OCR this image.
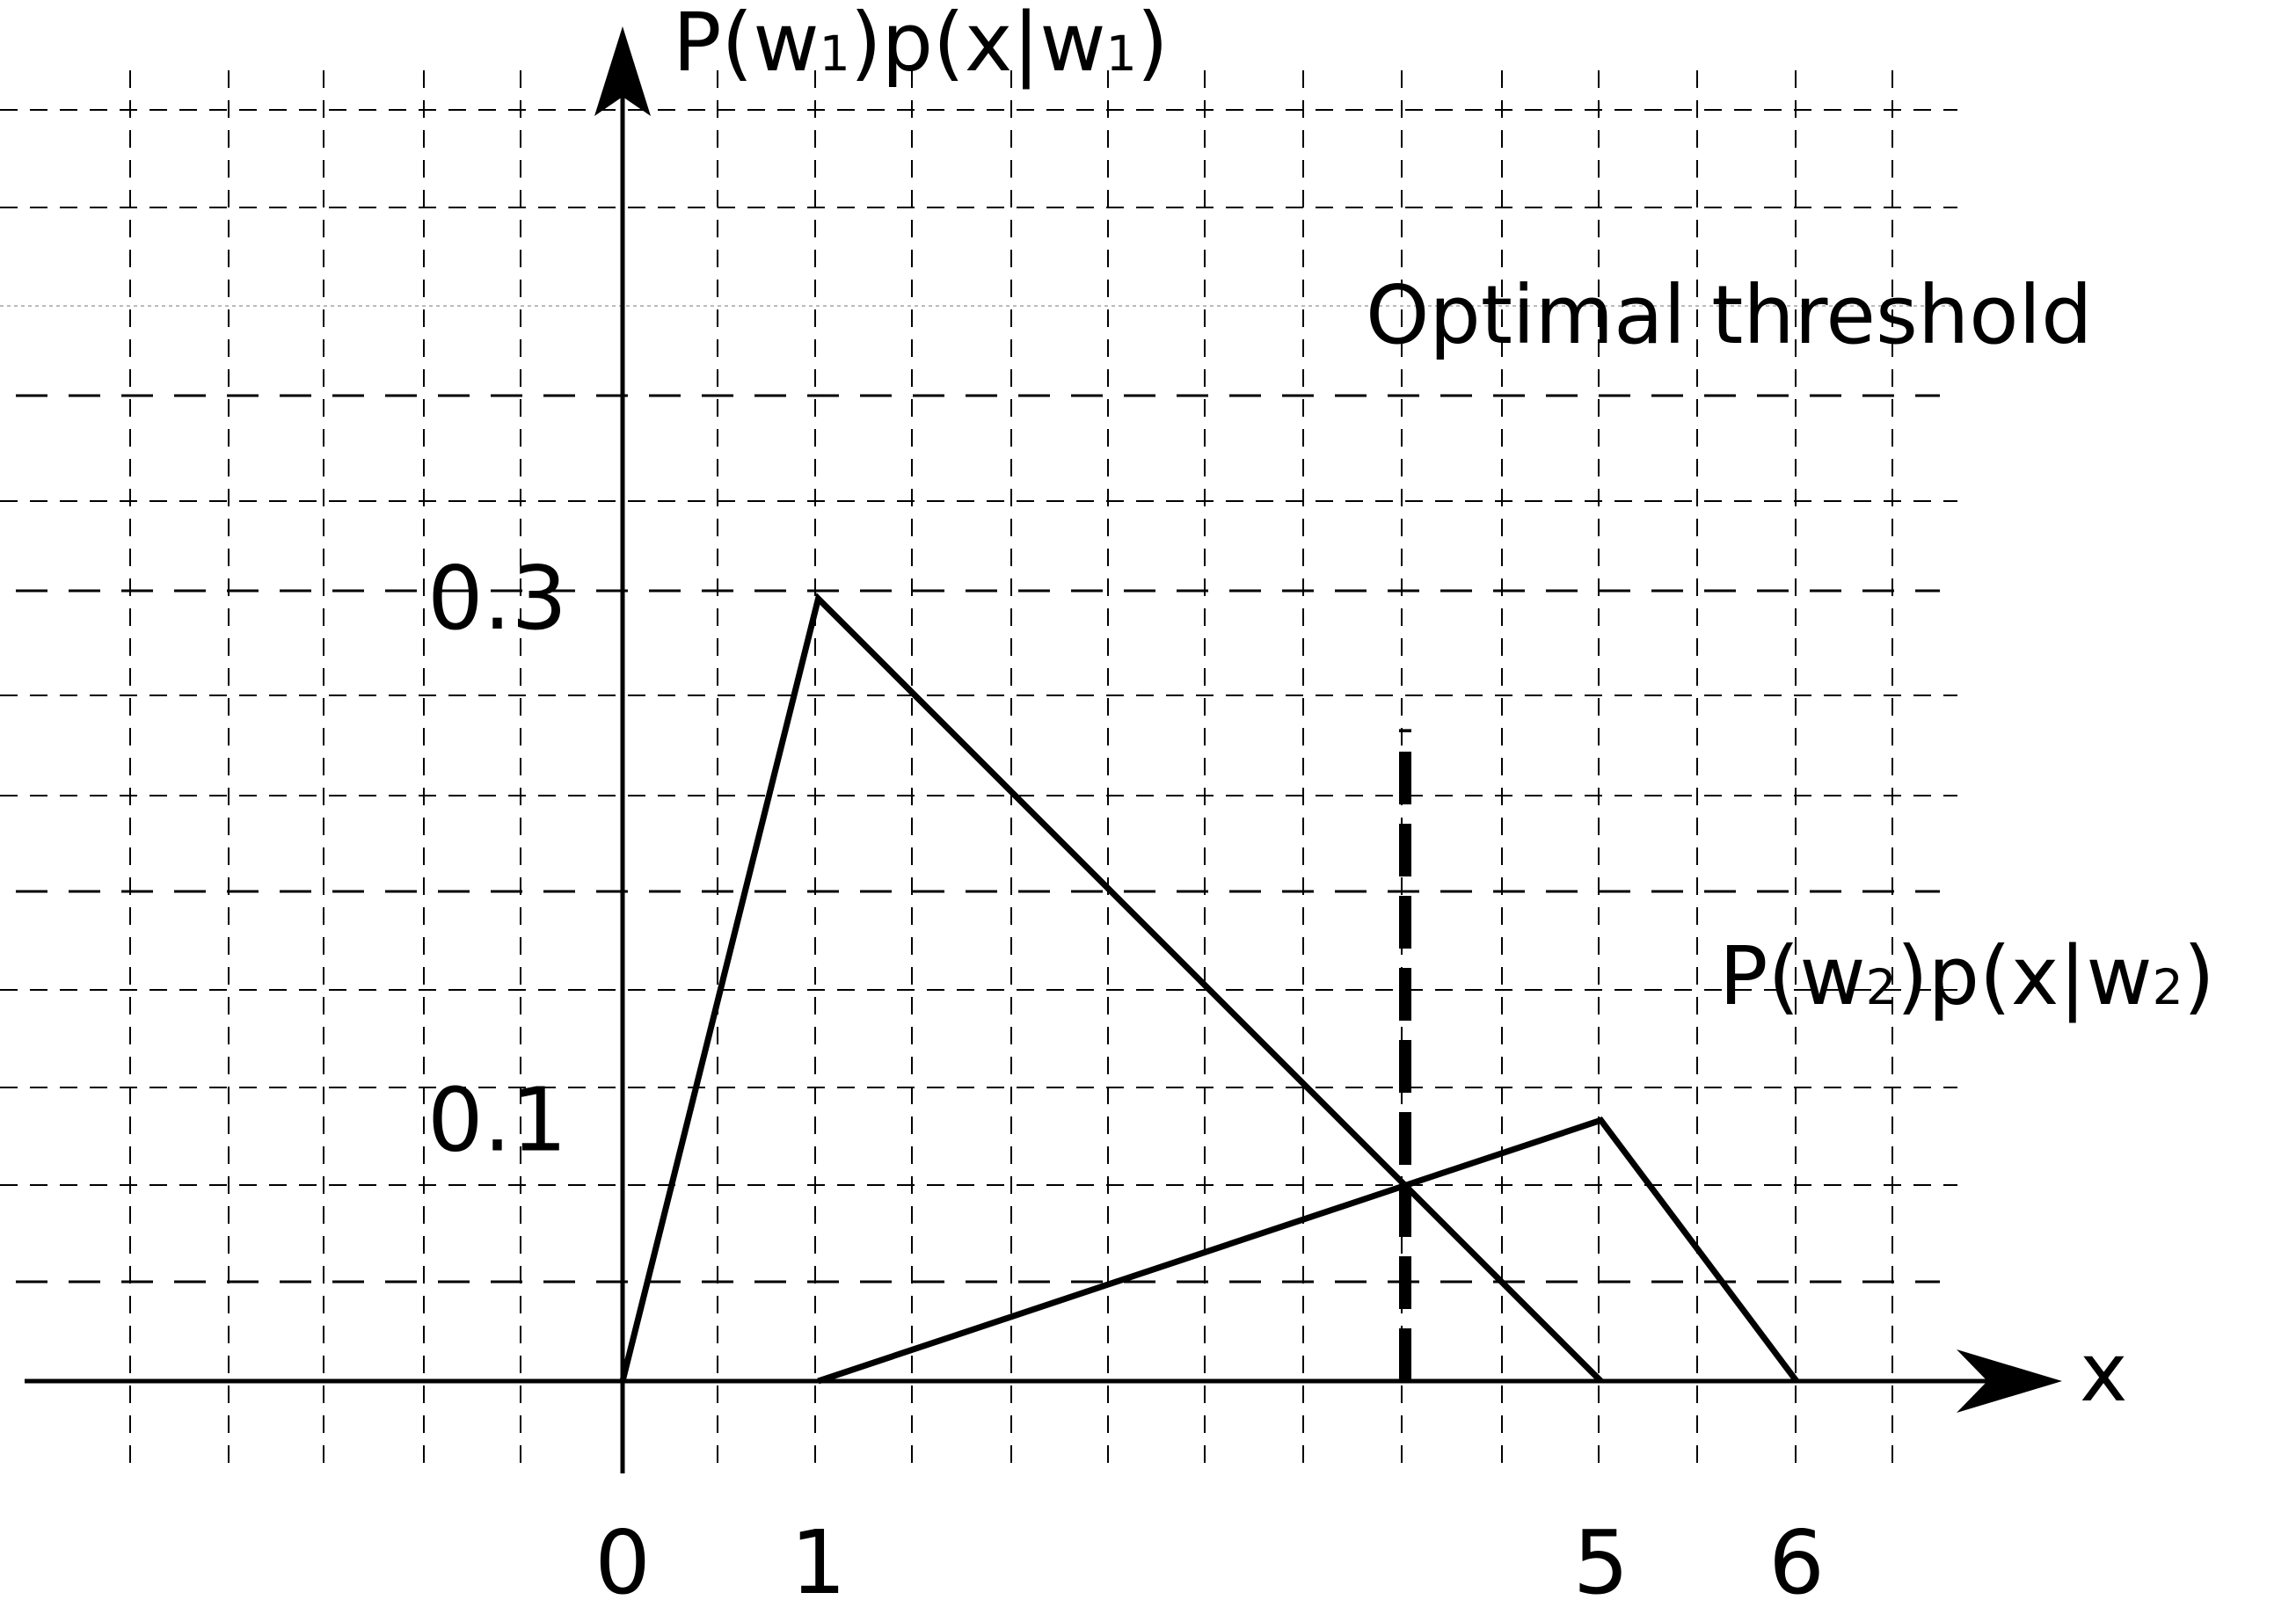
x
P(w1)p(x|w1)
P(w2)p(x|w2)
Optimal threshold
0 1	5 6
0.3
0.1
